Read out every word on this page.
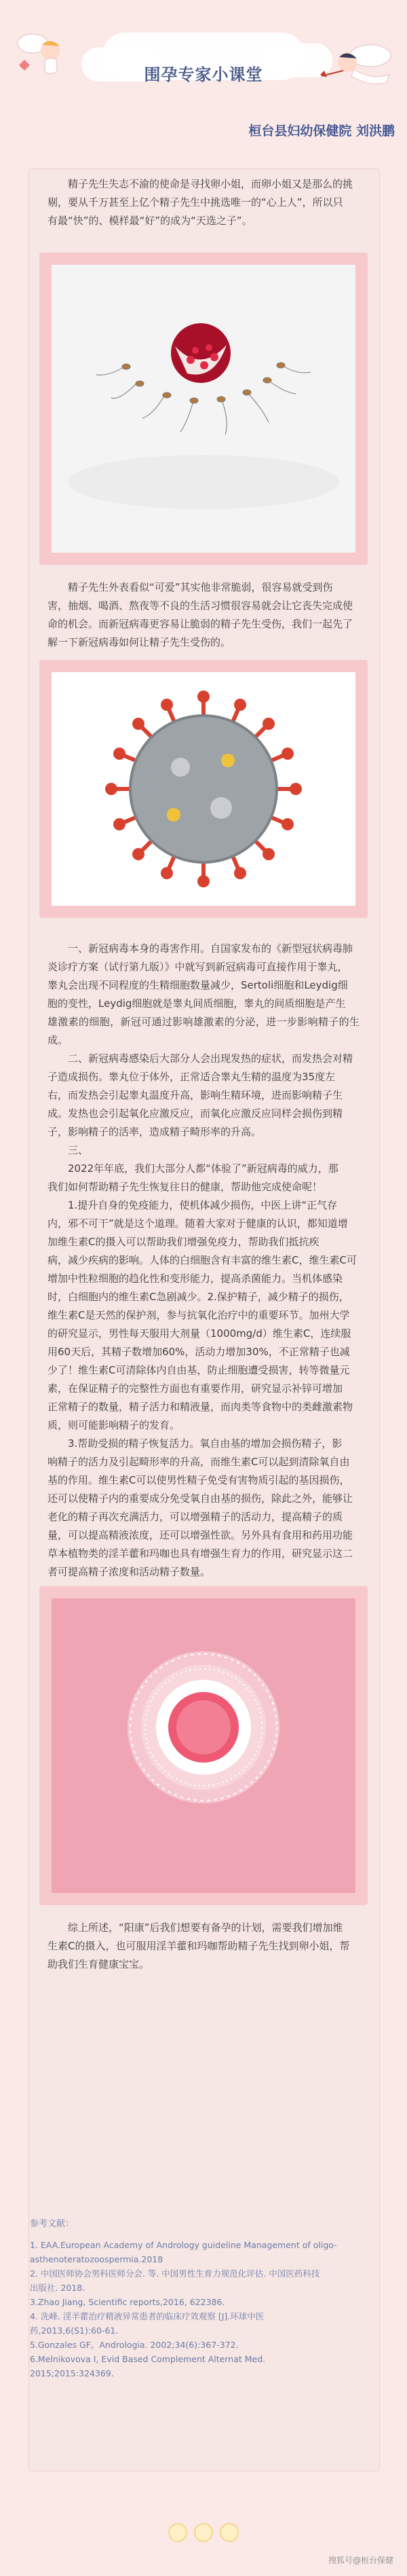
围孕专家小课堂
桓台县妇幼保健院 刘洪鹏
精子先生失志不渝的使命是寻找卵小姐，而卵小姐又是那么的挑
剔，要从千万甚至上亿个精子先生中挑选唯一的“心上人”，所以只
有最“快”的、模样最“好”的成为“天选之子”。
精子先生外表看似“可爱”其实他非常脆弱，很容易就受到伤
害，抽烟、喝酒、熬夜等不良的生活习惯很容易就会让它丧失完成使
命的机会。而新冠病毒更容易让脆弱的精子先生受伤，我们一起先了
解一下新冠病毒如何让精子先生受伤的。
一、新冠病毒本身的毒害作用。自国家发布的《新型冠状病毒肺
炎诊疗方案（试行第九版）》中就写到新冠病毒可直接作用于睾丸，
睾丸会出现不同程度的生精细胞数量减少，Sertoli细胞和Leydig细
胞的变性，Leydig细胞就是睾丸间质细胞，睾丸的间质细胞是产生
雄激素的细胞，新冠可通过影响雄激素的分泌，进一步影响精子的生成。
二、新冠病毒感染后大部分人会出现发热的症状，而发热会对精
子造成损伤。睾丸位于体外，正常适合睾丸生精的温度为35度左
右，而发热会引起睾丸温度升高，影响生精环境，进而影响精子生
成。发热也会引起氧化应激反应，而氧化应激反应同样会损伤到精
子，影响精子的活率，造成精子畸形率的升高。
三、
2022年年底，我们大部分人都“体验了”新冠病毒的威力，那
我们如何帮助精子先生恢复往日的健康，帮助他完成使命呢！
1.提升自身的免疫能力，使机体减少损伤，中医上讲“正气存
内，邪不可干”就是这个道理。随着大家对于健康的认识，都知道增
加维生素C的摄入可以帮助我们增强免疫力，帮助我们抵抗疾
病，减少疾病的影响。人体的白细胞含有丰富的维生素C，维生素C可
增加中性粒细胞的趋化性和变形能力，提高杀菌能力。当机体感染
时，白细胞内的维生素C急剧减少。2.保护精子，减少精子的损伤，
维生素C是天然的保护剂，参与抗氧化治疗中的重要环节。加州大学
的研究显示，男性每天服用大剂量（1000mg/d）维生素C，连续服
用60天后，其精子数增加60%，活动力增加30%，不正常精子也减
少了！维生素C可清除体内自由基，防止细胞遭受损害，转等微量元
素，在保证精子的完整性方面也有重要作用，研究显示补锌可增加
正常精子的数量，精子活力和精液量，而肉类等食物中的类雌激素物
质，则可能影响精子的发育。
3.帮助受损的精子恢复活力。氧自由基的增加会损伤精子，影
响精子的活力及引起畸形率的升高，而维生素C可以起到清除氧自由
基的作用。维生素C可以使男性精子免受有害物质引起的基因损伤，
还可以使精子内的重要成分免受氧自由基的损伤，除此之外，能够让
老化的精子再次充满活力，可以增强精子的活动力，提高精子的质
量，可以提高精液浓度，还可以增强性欲。另外具有食用和药用功能
草本植物类的淫羊藿和玛咖也具有增强生育力的作用，研究显示这二
者可提高精子浓度和活动精子数量。
综上所述，“阳康”后我们想要有备孕的计划，需要我们增加维
生素C的摄入，也可服用淫羊藿和玛咖帮助精子先生找到卵小姐，帮
助我们生育健康宝宝。
参考文献：
1. EAA.European Academy of Andrology guideline Management of oligo-
asthenoteratozoospermia.2018
2. 中国医师协会男科医师分会. 等. 中国男性生育力规范化评估. 中国医药科技
出版社. 2018.
3.Zhao Jiang, Scientific reports,2016, 622386.
4. 洗峰. 淫羊藿治疗精液异常患者的临床疗效观察 [J].环球中医
药,2013,6(S1):60-61.
5.Gonzales GF。Andrologia. 2002;34(6):367-372.
6.Melnikovova I, Evid Based Complement Alternat Med.
2015;2015:324369.
搜狐号@桓台保健
